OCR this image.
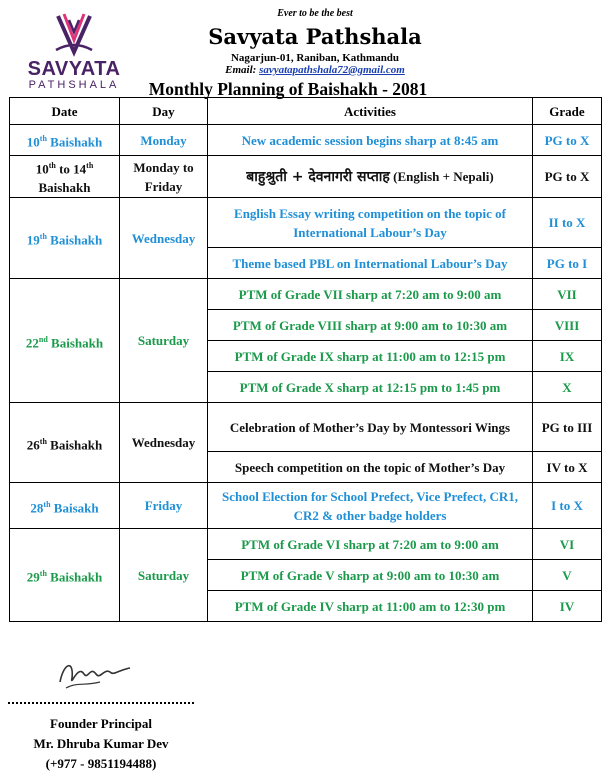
SAVYATA
PATHSHALA
Ever to be the best
Savyata Pathshala
Nagarjun-01, Raniban, Kathmandu
Email: savyatapathshala72@gmail.com
Monthly Planning of Baishakh - 2081
Date	Day	Activities	Grade
10th Baishakh	Monday	New academic session begins sharp at 8:45 am	PG to X
10th to 14th
Baishakh	Monday to Friday	बाहुश्रुती + देवनागरी सप्ताह (English + Nepali)	PG to X
19th Baishakh	Wednesday	English Essay writing competition on the topic of International Labour’s Day	II to X
		Theme based PBL on International Labour’s Day	PG to I
22nd Baishakh	Saturday	PTM of Grade VII sharp at 7:20 am to 9:00 am	VII
		PTM of Grade VIII sharp at 9:00 am to 10:30 am	VIII
		PTM of Grade IX sharp at 11:00 am to 12:15 pm	IX
		PTM of Grade X sharp at 12:15 pm to 1:45 pm	X
26th Baishakh	Wednesday	Celebration of Mother’s Day by Montessori Wings	PG to III
		Speech competition on the topic of Mother’s Day	IV to X
28th Baisakh	Friday	School Election for School Prefect, Vice Prefect, CR1, CR2 & other badge holders	I to X
29th Baishakh	Saturday	PTM of Grade VI sharp at 7:20 am to 9:00 am	VI
		PTM of Grade V sharp at 9:00 am to 10:30 am	V
		PTM of Grade IV sharp at 11:00 am to 12:30 pm	IV
Founder Principal
Mr. Dhruba Kumar Dev
(+977 - 9851194488)
